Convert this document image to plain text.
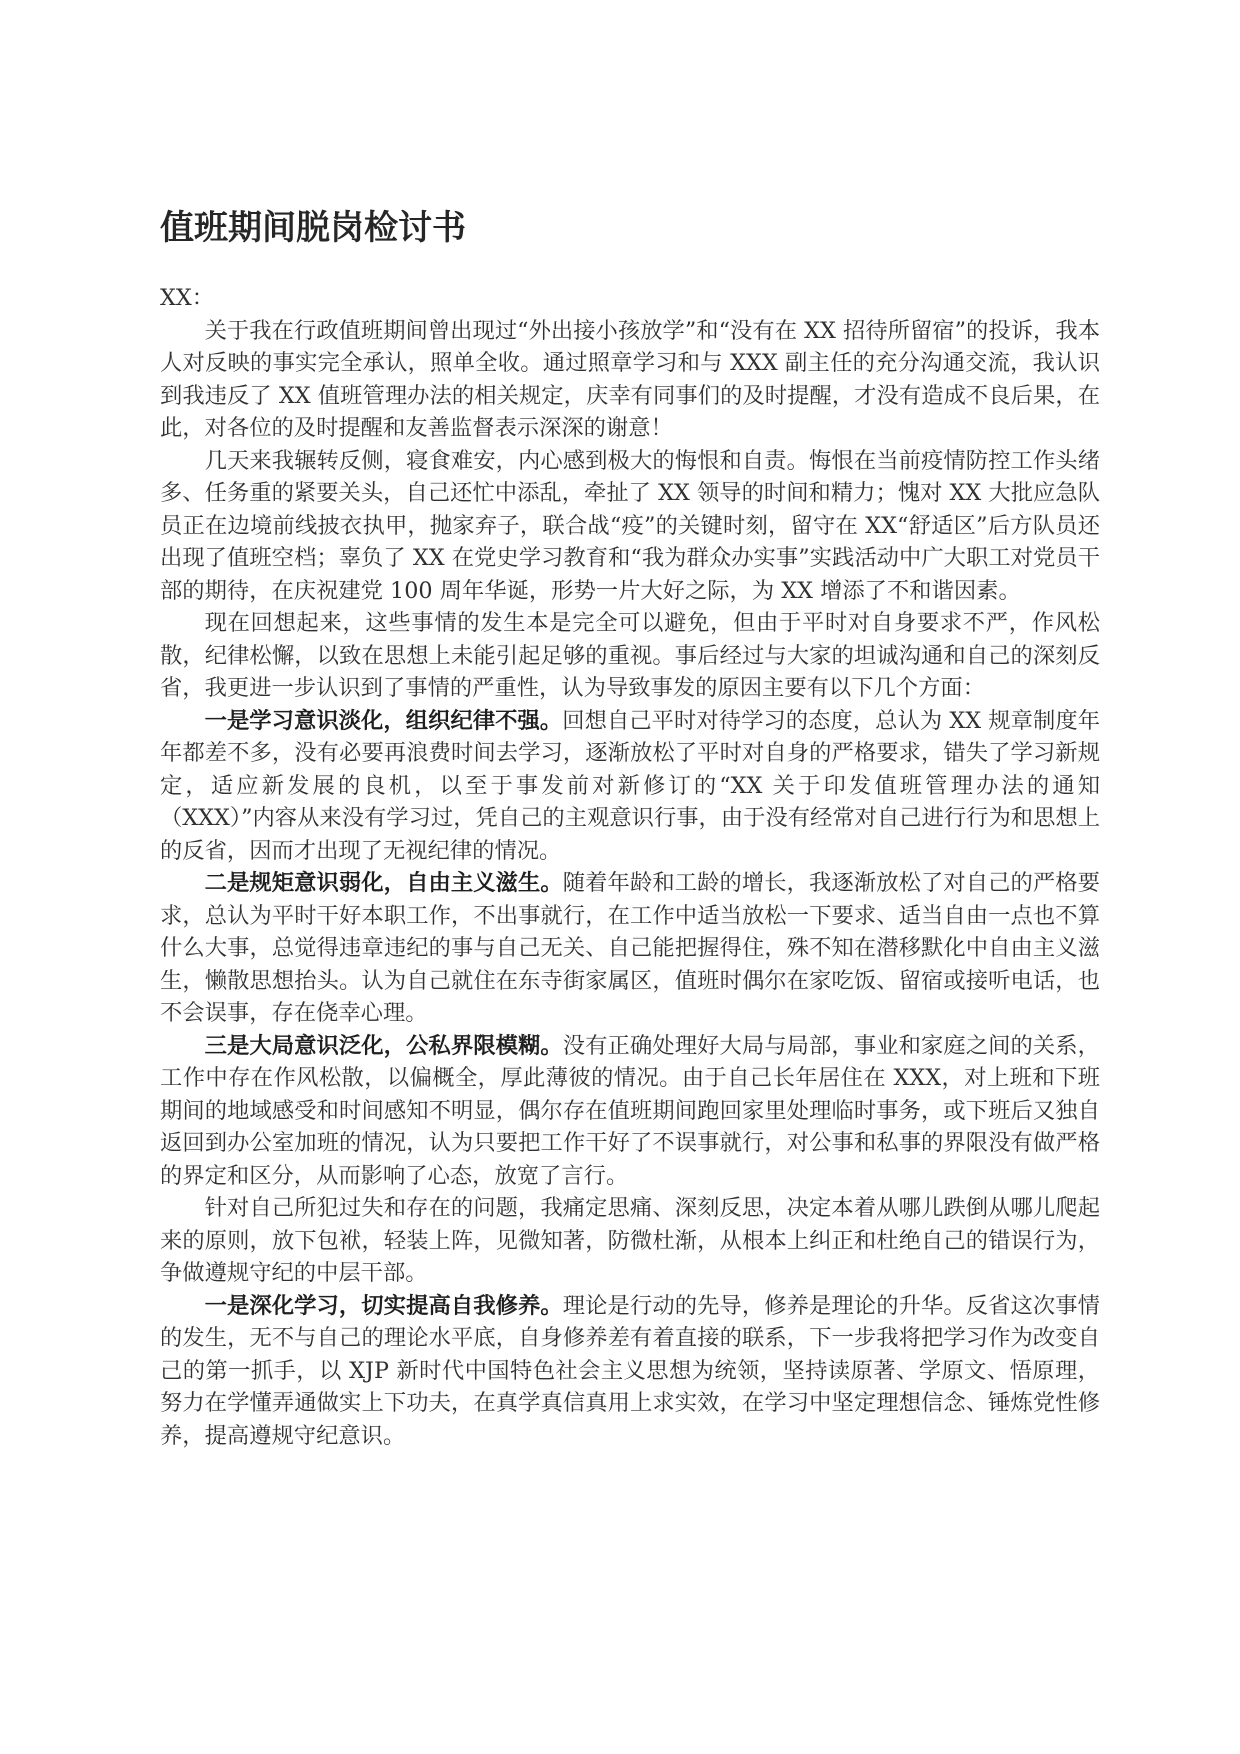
值班期间脱岗检讨书

XX：

关于我在行政值班期间曾出现过“外出接小孩放学”和“没有在 XX 招待所留宿”的投诉，我本人对反映的事实完全承认，照单全收。通过照章学习和与 XXX 副主任的充分沟通交流，我认识到我违反了 XX 值班管理办法的相关规定，庆幸有同事们的及时提醒，才没有造成不良后果，在此，对各位的及时提醒和友善监督表示深深的谢意！

几天来我辗转反侧，寝食难安，内心感到极大的悔恨和自责。悔恨在当前疫情防控工作头绪多、任务重的紧要关头，自己还忙中添乱，牵扯了 XX 领导的时间和精力；愧对 XX 大批应急队员正在边境前线披衣执甲，抛家弃子，联合战“疫”的关键时刻，留守在 XX“舒适区”后方队员还出现了值班空档；辜负了 XX 在党史学习教育和“我为群众办实事”实践活动中广大职工对党员干部的期待，在庆祝建党 100 周年华诞，形势一片大好之际，为 XX 增添了不和谐因素。

现在回想起来，这些事情的发生本是完全可以避免，但由于平时对自身要求不严，作风松散，纪律松懈，以致在思想上未能引起足够的重视。事后经过与大家的坦诚沟通和自己的深刻反省，我更进一步认识到了事情的严重性，认为导致事发的原因主要有以下几个方面：

一是学习意识淡化，组织纪律不强。回想自己平时对待学习的态度，总认为 XX 规章制度年年都差不多，没有必要再浪费时间去学习，逐渐放松了平时对自身的严格要求，错失了学习新规定，适应新发展的良机，以至于事发前对新修订的“XX 关于印发值班管理办法的通知（XXX）”内容从来没有学习过，凭自己的主观意识行事，由于没有经常对自己进行行为和思想上的反省，因而才出现了无视纪律的情况。

二是规矩意识弱化，自由主义滋生。随着年龄和工龄的增长，我逐渐放松了对自己的严格要求，总认为平时干好本职工作，不出事就行，在工作中适当放松一下要求、适当自由一点也不算什么大事，总觉得违章违纪的事与自己无关、自己能把握得住，殊不知在潜移默化中自由主义滋生，懒散思想抬头。认为自己就住在东寺街家属区，值班时偶尔在家吃饭、留宿或接听电话，也不会误事，存在侥幸心理。

三是大局意识泛化，公私界限模糊。没有正确处理好大局与局部，事业和家庭之间的关系，工作中存在作风松散，以偏概全，厚此薄彼的情况。由于自己长年居住在 XXX，对上班和下班期间的地域感受和时间感知不明显，偶尔存在值班期间跑回家里处理临时事务，或下班后又独自返回到办公室加班的情况，认为只要把工作干好了不误事就行，对公事和私事的界限没有做严格的界定和区分，从而影响了心态，放宽了言行。

针对自己所犯过失和存在的问题，我痛定思痛、深刻反思，决定本着从哪儿跌倒从哪儿爬起来的原则，放下包袱，轻装上阵，见微知著，防微杜渐，从根本上纠正和杜绝自己的错误行为，争做遵规守纪的中层干部。

一是深化学习，切实提高自我修养。理论是行动的先导，修养是理论的升华。反省这次事情的发生，无不与自己的理论水平底，自身修养差有着直接的联系，下一步我将把学习作为改变自己的第一抓手，以 XJP 新时代中国特色社会主义思想为统领，坚持读原著、学原文、悟原理，努力在学懂弄通做实上下功夫，在真学真信真用上求实效，在学习中坚定理想信念、锤炼党性修养，提高遵规守纪意识。
